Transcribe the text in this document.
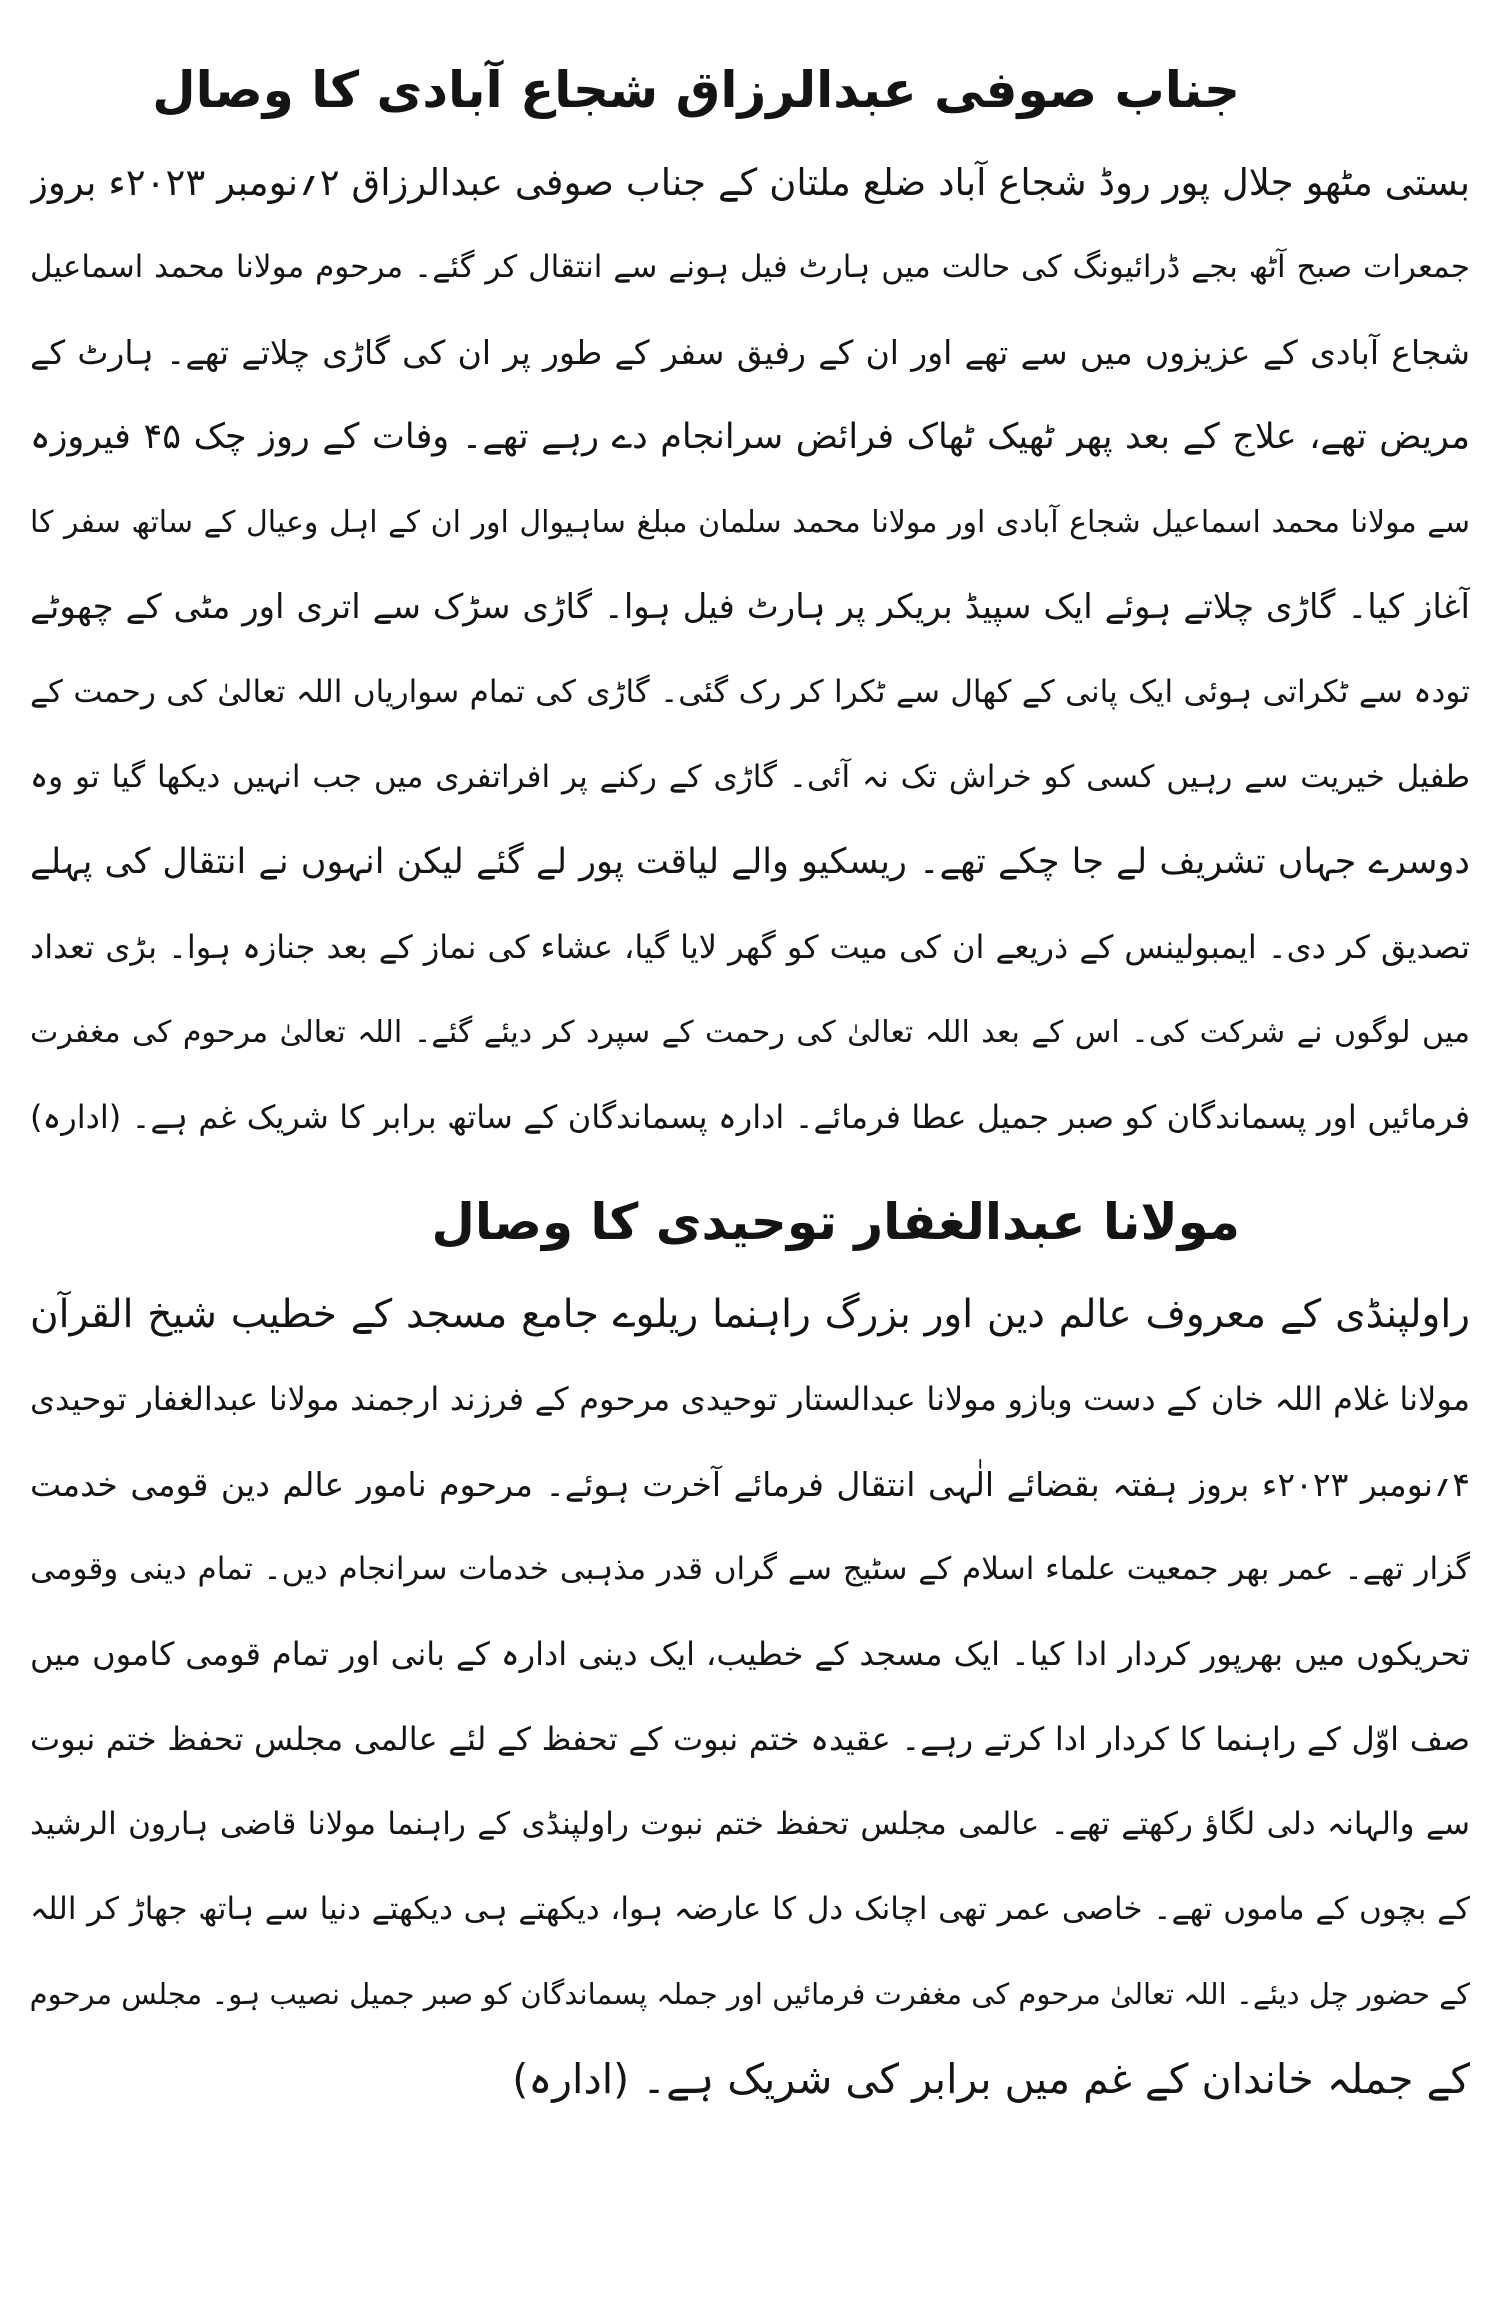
جناب صوفی عبدالرزاق شجاع آبادی کا وصال
بستی مٹھو جلال پور روڈ شجاع آباد ضلع ملتان کے جناب صوفی عبدالرزاق ۲؍نومبر ۲۰۲۳ء بروز
جمعرات صبح آٹھ بجے ڈرائیونگ کی حالت میں ہارٹ فیل ہونے سے انتقال کر گئے۔ مرحوم مولانا محمد اسماعیل
شجاع آبادی کے عزیزوں میں سے تھے اور ان کے رفیق سفر کے طور پر ان کی گاڑی چلاتے تھے۔ ہارٹ کے
مریض تھے، علاج کے بعد پھر ٹھیک ٹھاک فرائض سرانجام دے رہے تھے۔ وفات کے روز چک ۴۵ فیروزہ
سے مولانا محمد اسماعیل شجاع آبادی اور مولانا محمد سلمان مبلغ ساہیوال اور ان کے اہل وعیال کے ساتھ سفر کا
آغاز کیا۔ گاڑی چلاتے ہوئے ایک سپیڈ بریکر پر ہارٹ فیل ہوا۔ گاڑی سڑک سے اتری اور مٹی کے چھوٹے
تودہ سے ٹکراتی ہوئی ایک پانی کے کھال سے ٹکرا کر رک گئی۔ گاڑی کی تمام سواریاں اللہ تعالیٰ کی رحمت کے
طفیل خیریت سے رہیں کسی کو خراش تک نہ آئی۔ گاڑی کے رکنے پر افراتفری میں جب انہیں دیکھا گیا تو وہ
دوسرے جہاں تشریف لے جا چکے تھے۔ ریسکیو والے لیاقت پور لے گئے لیکن انہوں نے انتقال کی پہلے
تصدیق کر دی۔ ایمبولینس کے ذریعے ان کی میت کو گھر لایا گیا، عشاء کی نماز کے بعد جنازہ ہوا۔ بڑی تعداد
میں لوگوں نے شرکت کی۔ اس کے بعد اللہ تعالیٰ کی رحمت کے سپرد کر دیئے گئے۔ اللہ تعالیٰ مرحوم کی مغفرت
فرمائیں اور پسماندگان کو صبر جمیل عطا فرمائے۔ ادارہ پسماندگان کے ساتھ برابر کا شریک غم ہے۔ (ادارہ)
مولانا عبدالغفار توحیدی کا وصال
راولپنڈی کے معروف عالم دین اور بزرگ راہنما ریلوے جامع مسجد کے خطیب شیخ القرآن
مولانا غلام اللہ خان کے دست وبازو مولانا عبدالستار توحیدی مرحوم کے فرزند ارجمند مولانا عبدالغفار توحیدی
۴؍نومبر ۲۰۲۳ء بروز ہفتہ بقضائے الٰہی انتقال فرمائے آخرت ہوئے۔ مرحوم نامور عالم دین قومی خدمت
گزار تھے۔ عمر بھر جمعیت علماء اسلام کے سٹیج سے گراں قدر مذہبی خدمات سرانجام دیں۔ تمام دینی وقومی
تحریکوں میں بھرپور کردار ادا کیا۔ ایک مسجد کے خطیب، ایک دینی ادارہ کے بانی اور تمام قومی کاموں میں
صف اوّل کے راہنما کا کردار ادا کرتے رہے۔ عقیدہ ختم نبوت کے تحفظ کے لئے عالمی مجلس تحفظ ختم نبوت
سے والہانہ دلی لگاؤ رکھتے تھے۔ عالمی مجلس تحفظ ختم نبوت راولپنڈی کے راہنما مولانا قاضی ہارون الرشید
کے بچوں کے ماموں تھے۔ خاصی عمر تھی اچانک دل کا عارضہ ہوا، دیکھتے ہی دیکھتے دنیا سے ہاتھ جھاڑ کر اللہ
کے حضور چل دیئے۔ اللہ تعالیٰ مرحوم کی مغفرت فرمائیں اور جملہ پسماندگان کو صبر جمیل نصیب ہو۔ مجلس مرحوم
کے جملہ خاندان کے غم میں برابر کی شریک ہے۔ (ادارہ)
